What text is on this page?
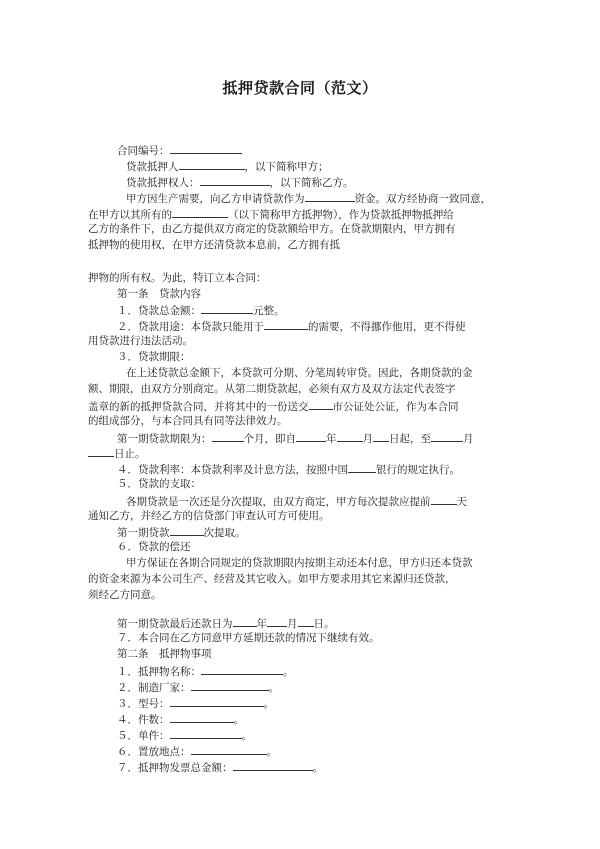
抵押贷款合同（范文）
合同编号：
贷款抵押人	，以下简称甲方；
贷款抵押权人：	，以下简称乙方。
甲方因生产需要，向乙方申请贷款作为	资金。双方经协商一致同意，
在甲方以其所有的	（以下简称甲方抵押物），作为贷款抵押物抵押给
乙方的条件下，由乙方提供双方商定的贷款额给甲方。在贷款期限内，甲方拥有
抵押物的使用权，在甲方还清贷款本息前，乙方拥有抵
押物的所有权。为此，特订立本合同：
第一条　贷款内容
１．贷款总金额：	元整。
２．贷款用途：本贷款只能用于	的需要，不得挪作他用，更不得使
用贷款进行违法活动。
３．贷款期限：
在上述贷款总金额下，本贷款可分期、分笔周转审贷。因此，各期贷款的金
额、期限，由双方分别商定。从第二期贷款起，必须有双方及双方法定代表签字
盖章的新的抵押贷款合同，并将其中的一份送交 市公证处公证，作为本合同
的组成部分，与本合同具有同等法律效力。
第一期贷款期限为：	个月，即自	年 月 日起，至	月
日止。
４．贷款利率：本贷款利率及计息方法，按照中国	银行的规定执行。
５．贷款的支取：
各期贷款是一次还是分次提取，由双方商定，甲方每次提款应提前 天
通知乙方，并经乙方的信贷部门审查认可方可使用。
第一期贷款	次提取。
６．贷款的偿还
甲方保证在各期合同规定的贷款期限内按期主动还本付息，甲方归还本贷款
的资金来源为本公司生产、经营及其它收入。如甲方要求用其它来源归还贷款，
须经乙方同意。
第一期贷款最后还款日为 年 月 日。
７．本合同在乙方同意甲方延期还款的情况下继续有效。
第二条　抵押物事项
１．抵押物名称：	。
２．制造厂家：	。
３．型号：	。
４．件数：	。
５．单件：	。
６．置放地点：	。
７．抵押物发票总金额：	。
